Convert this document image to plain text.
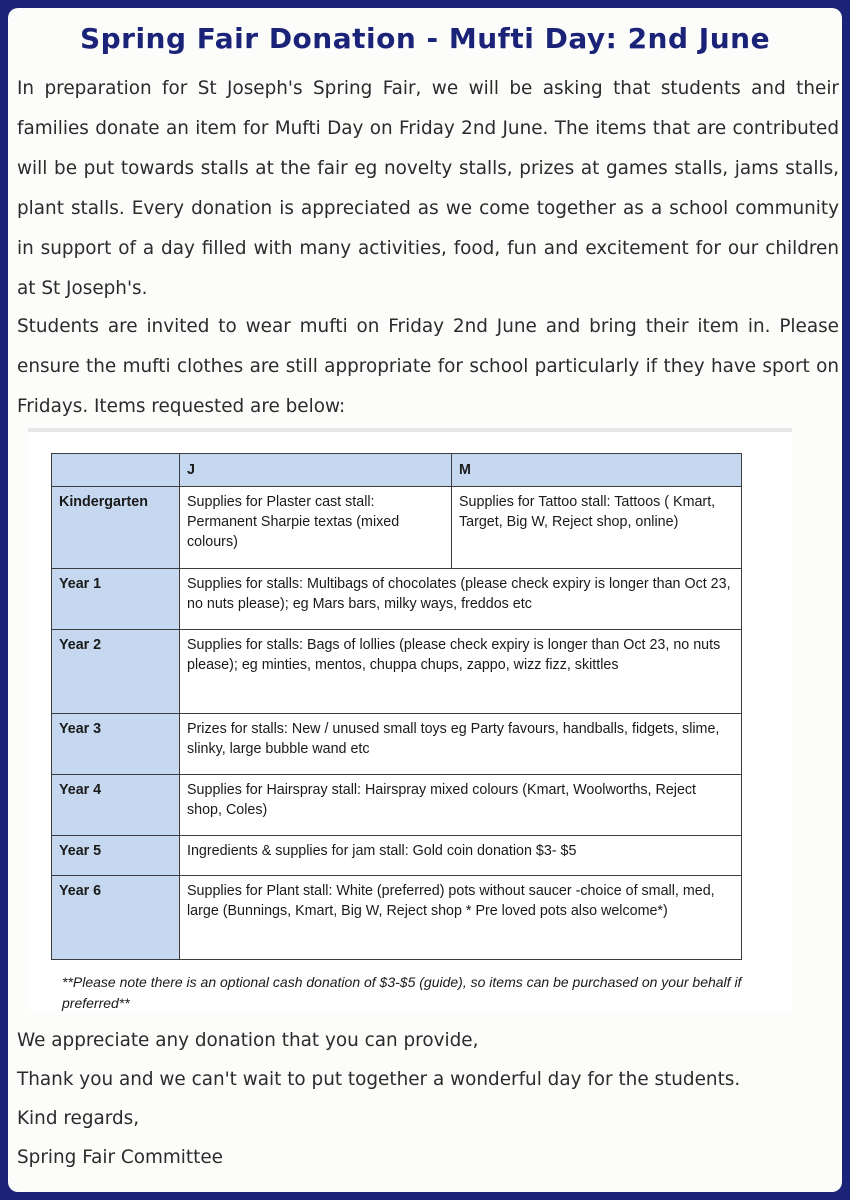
Spring Fair Donation - Mufti Day: 2nd June

In preparation for St Joseph's Spring Fair, we will be asking that students and their families donate an item for Mufti Day on Friday 2nd June. The items that are contributed will be put towards stalls at the fair eg novelty stalls, prizes at games stalls, jams stalls, plant stalls. Every donation is appreciated as we come together as a school community in support of a day filled with many activities, food, fun and excitement for our children at St Joseph's.

Students are invited to wear mufti on Friday 2nd June and bring their item in. Please ensure the mufti clothes are still appropriate for school particularly if they have sport on Fridays. Items requested are below:

	J	M
Kindergarten	Supplies for Plaster cast stall: Permanent Sharpie textas (mixed colours)	Supplies for Tattoo stall: Tattoos ( Kmart, Target, Big W, Reject shop, online)
Year 1	Supplies for stalls: Multibags of chocolates (please check expiry is longer than Oct 23, no nuts please); eg Mars bars, milky ways, freddos etc	
Year 2	Supplies for stalls: Bags of lollies (please check expiry is longer than Oct 23, no nuts please); eg minties, mentos, chuppa chups, zappo, wizz fizz, skittles	
Year 3	Prizes for stalls: New / unused small toys eg Party favours, handballs, fidgets, slime, slinky, large bubble wand etc	
Year 4	Supplies for Hairspray stall: Hairspray mixed colours (Kmart, Woolworths, Reject shop, Coles)	
Year 5	Ingredients & supplies for jam stall: Gold coin donation $3- $5	
Year 6	Supplies for Plant stall: White (preferred) pots without saucer -choice of small, med, large (Bunnings, Kmart, Big W, Reject shop * Pre loved pots also welcome*)	
**Please note there is an optional cash donation of $3-$5 (guide), so items can be purchased on your behalf if preferred**
We appreciate any donation that you can provide,
Thank you and we can't wait to put together a wonderful day for the students.
Kind regards,
Spring Fair Committee
